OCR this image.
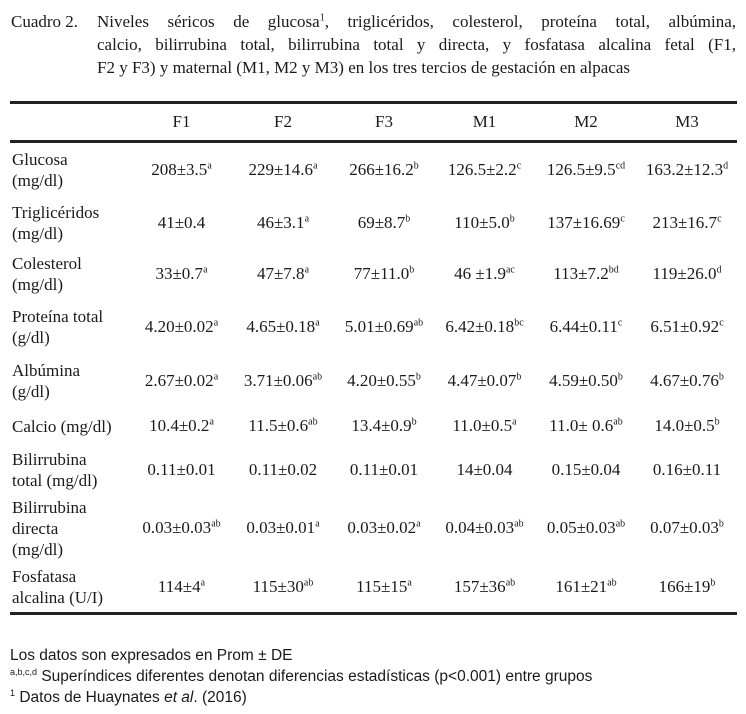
Cuadro 2.	Niveles séricos de glucosa$^1$, triglicéridos, colesterol, proteína total, albúmina,
calcio, bilirrubina total, bilirrubina total y directa, y fosfatasa alcalina fetal (F1,
F2 y F3) y maternal (M1, M2 y M3) en los tres tercios de gestación en alpacas
	F1	F2	F3	M1	M2	M3

Glucosa
(mg/dl)	208±3.5$^a$	229±14.6$^a$	266±16.2$^b$	126.5±2.2$^c$	126.5±9.5$^{cd}$	163.2±12.3$^d$

Triglicéridos
(mg/dl)	41±0.4	46±3.1$^a$	69±8.7$^b$	110±5.0$^b$	137±16.69$^c$	213±16.7$^c$

Colesterol
(mg/dl)	33±0.7$^a$	47±7.8$^a$	77±11.0$^b$	46 ±1.9$^{ac}$	113±7.2$^{bd}$	119±26.0$^d$

Proteína total
(g/dl)	4.20±0.02$^a$	4.65±0.18$^a$	5.01±0.69$^{ab}$	6.42±0.18$^{bc}$	6.44±0.11$^c$	6.51±0.92$^c$

Albúmina
(g/dl)	2.67±0.02$^a$	3.71±0.06$^{ab}$	4.20±0.55$^b$	4.47±0.07$^b$	4.59±0.50$^b$	4.67±0.76$^b$

Calcio (mg/dl)	10.4±0.2$^a$	11.5±0.6$^{ab}$	13.4±0.9$^b$	11.0±0.5$^a$	11.0± 0.6$^{ab}$	14.0±0.5$^b$

Bilirrubina
total (mg/dl)	0.11±0.01	0.11±0.02	0.11±0.01	14±0.04	0.15±0.04	0.16±0.11

Bilirrubina
directa
(mg/dl)	0.03±0.03$^{ab}$	0.03±0.01$^a$	0.03±0.02$^a$	0.04±0.03$^{ab}$	0.05±0.03$^{ab}$	0.07±0.03$^b$

Fosfatasa
alcalina (U/I)	$114\pm 4^a$	$115\pm 30^{ab}$	$115\pm 15^a$	$157\pm 36^{ab}$	$161\pm 21^{ab}$	$166\pm 19^b$
Los datos son expresados en Prom ± DE
$^{a,b,c,d}$ Superíndices diferentes denotan diferencias estadísticas (p<0.001) entre grupos
$^1$ Datos de Huaynates et al. (2016)
